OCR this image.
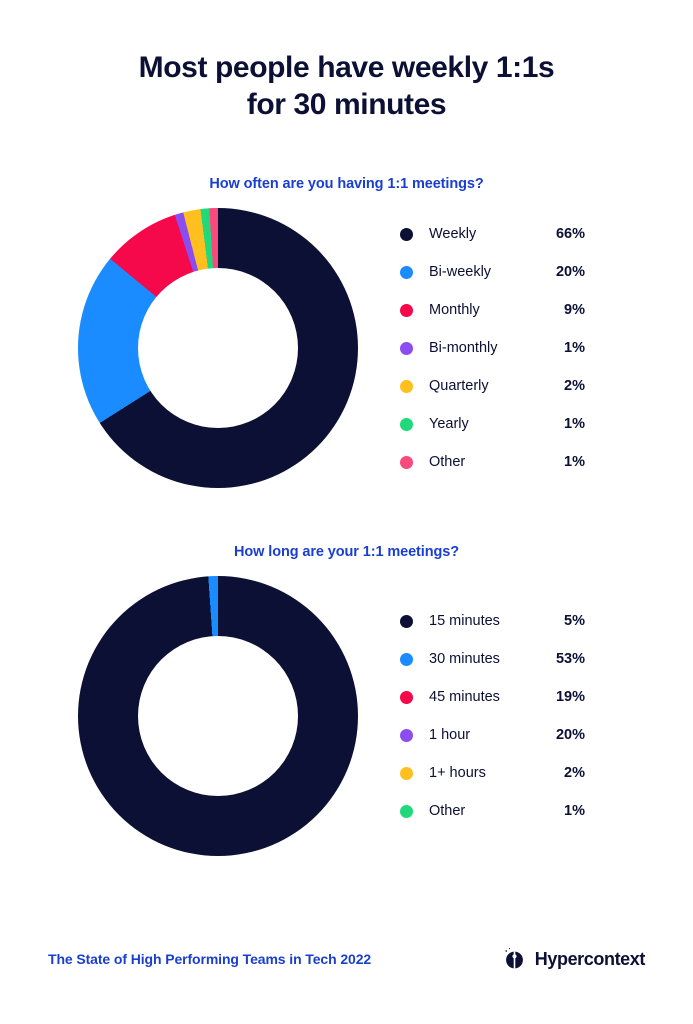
Most people have weekly 1:1s
for 30 minutes
How often are you having 1:1 meetings?
Weekly	66%
Bi-weekly	20%
Monthly	9%
Bi-monthly	1%
Quarterly	2%
Yearly	1%
Other	1%
How long are your 1:1 meetings?
15 minutes	5%
30 minutes	53%
45 minutes	19%
1 hour	20%
1+ hours	2%
Other	1%
The State of High Performing Teams in Tech 2022	Hypercontext
